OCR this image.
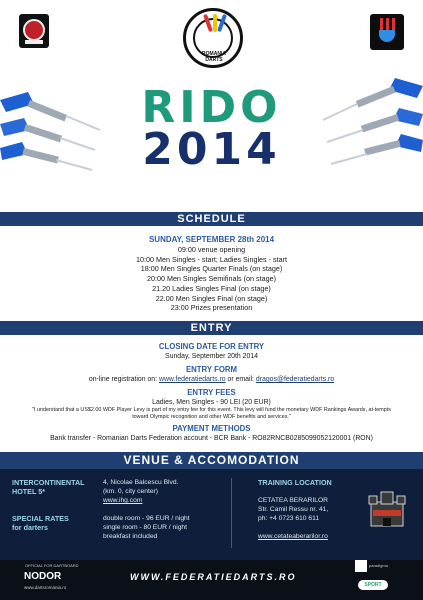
ROMANIA DARTS
RIDO
2014
SCHEDULE
SUNDAY, SEPTEMBER 28th 2014
09:00 venue opening
10:00 Men Singles - start; Ladies Singles - start
18:00 Men Singles Quarter Finals (on stage)
20:00 Men Singles Semifinals (on stage)
21.20 Ladies Singles Final (on stage)
22.00 Men Singles Final (on stage)
23:00 Prizes presentation
ENTRY
CLOSING DATE FOR ENTRY
Sunday, September 20th 2014
ENTRY FORM
on-line registration on: www.federatiedarts.ro or email: dragos@federatiedarts.ro
ENTRY FEES
Ladies, Men Singles - 90 LEI (20 EUR)
"I understand that a US$2.00 WDF Player Levy is part of my entry fee for this event. This levy will fund the monetary WDF Rankings Awards, at-tempts toward Olympic recognition and other WDF benefits and services."
PAYMENT METHODS
Bank transfer - Romanian Darts Federation account - BCR Bank - RO82RNCB0285099052120001 (RON)
VENUE & ACCOMODATION
INTERCONTINENTAL
HOTEL 5*
4, Nicolae Balcescu Blvd.
(km. 0, city center)
www.ihg.com
SPECIAL RATES
for darters
double room - 96 EUR / night
single room - 80 EUR / night
breakfast included
TRAINING LOCATION
CETATEA BERARILOR
Str. Camil Ressu nr. 41,
ph: +4 0723 610 611
www.cetateaberarilor.ro
OFFICIAL FOR DARTBOARD
NODOR
www.dartsromania.ro
WWW.FEDERATIEDARTS.RO
paradigma
SPORT
